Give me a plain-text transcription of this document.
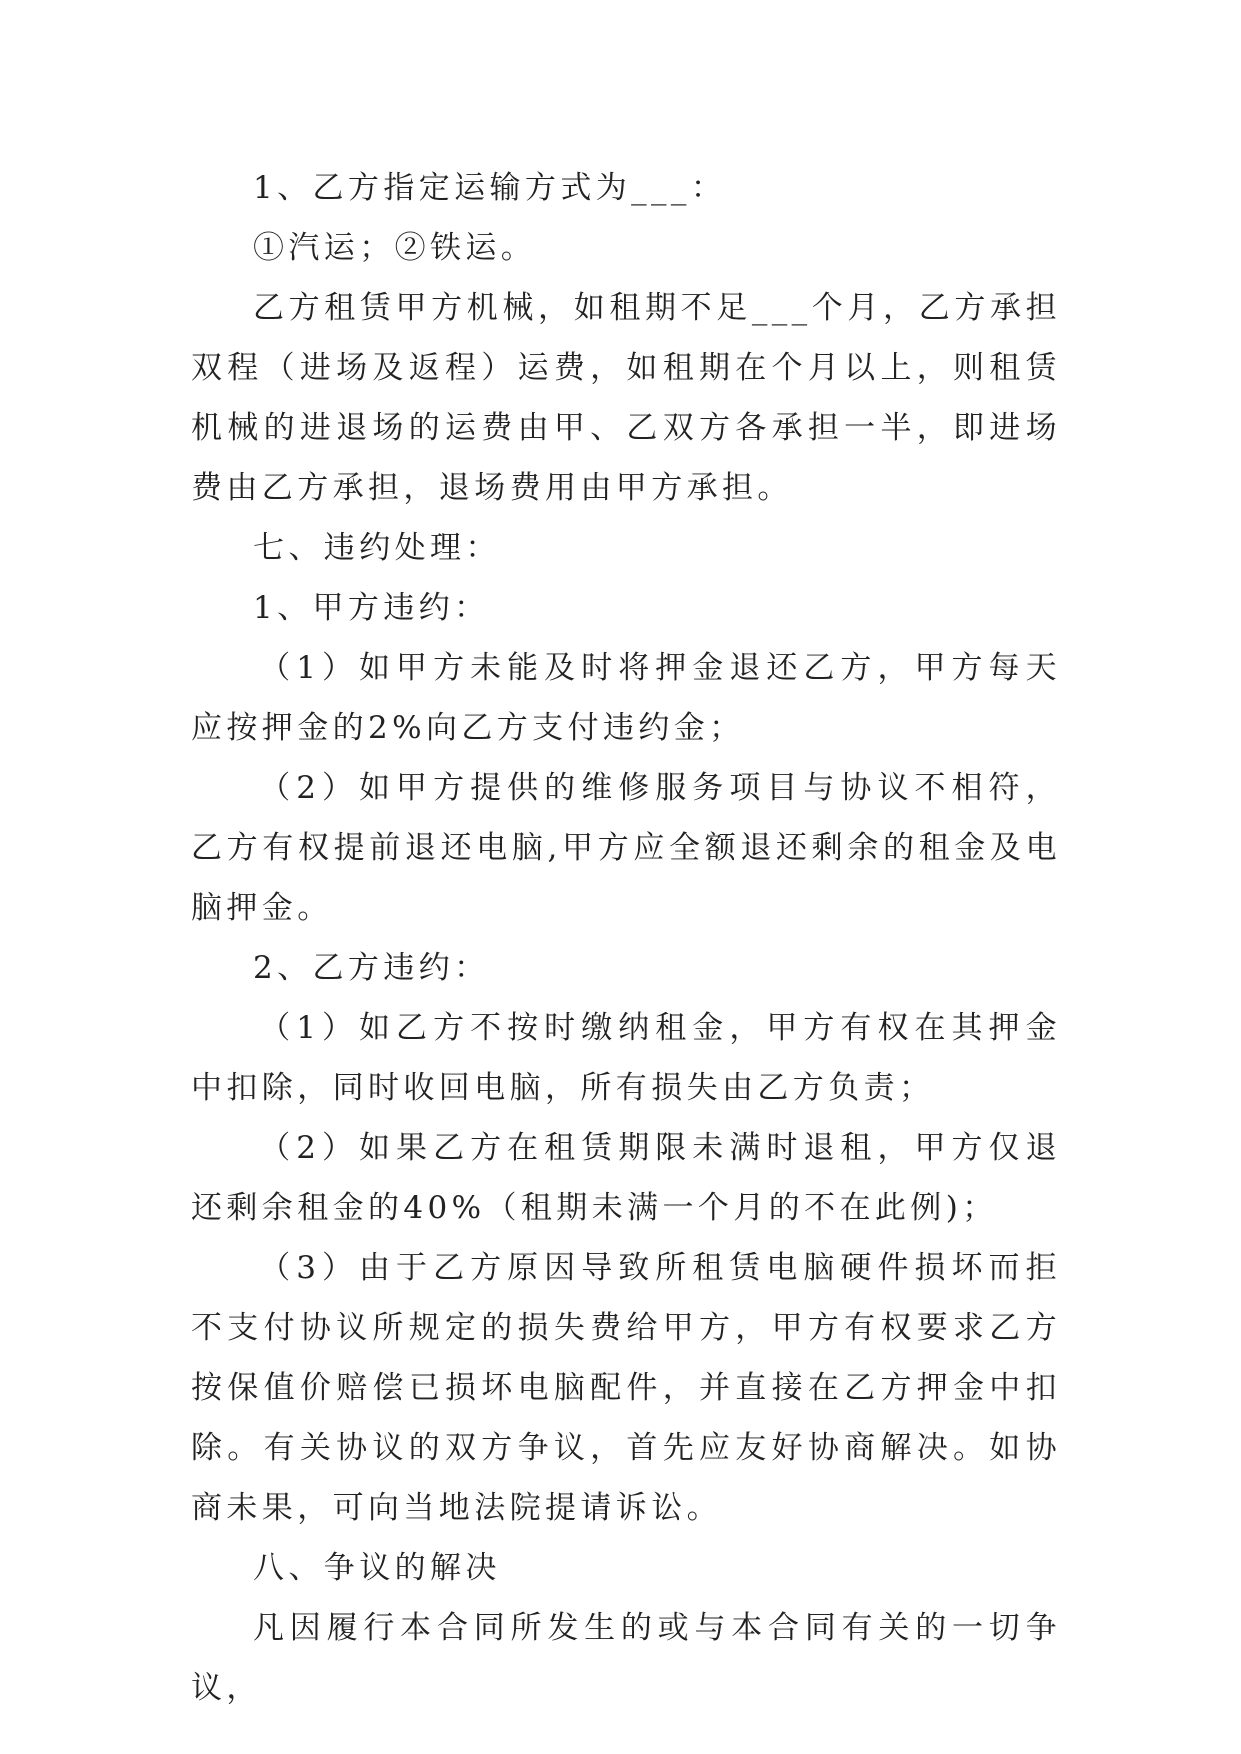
1、乙方指定运输方式为___：

①汽运；②铁运。

乙方租赁甲方机械，如租期不足___个月，乙方承担双程（进场及返程）运费，如租期在个月以上，则租赁机械的进退场的运费由甲、乙双方各承担一半，即进场费由乙方承担，退场费用由甲方承担。

七、违约处理：

1、甲方违约：

（1）如甲方未能及时将押金退还乙方，甲方每天应按押金的2%向乙方支付违约金；

（2）如甲方提供的维修服务项目与协议不相符，乙方有权提前退还电脑,甲方应全额退还剩余的租金及电脑押金。

2、乙方违约：

（1）如乙方不按时缴纳租金，甲方有权在其押金中扣除，同时收回电脑，所有损失由乙方负责；

（2）如果乙方在租赁期限未满时退租，甲方仅退还剩余租金的40%（租期未满一个月的不在此例)；

（3）由于乙方原因导致所租赁电脑硬件损坏而拒不支付协议所规定的损失费给甲方，甲方有权要求乙方按保值价赔偿已损坏电脑配件，并直接在乙方押金中扣除。有关协议的双方争议，首先应友好协商解决。如协商未果，可向当地法院提请诉讼。

八、争议的解决

凡因履行本合同所发生的或与本合同有关的一切争议，
